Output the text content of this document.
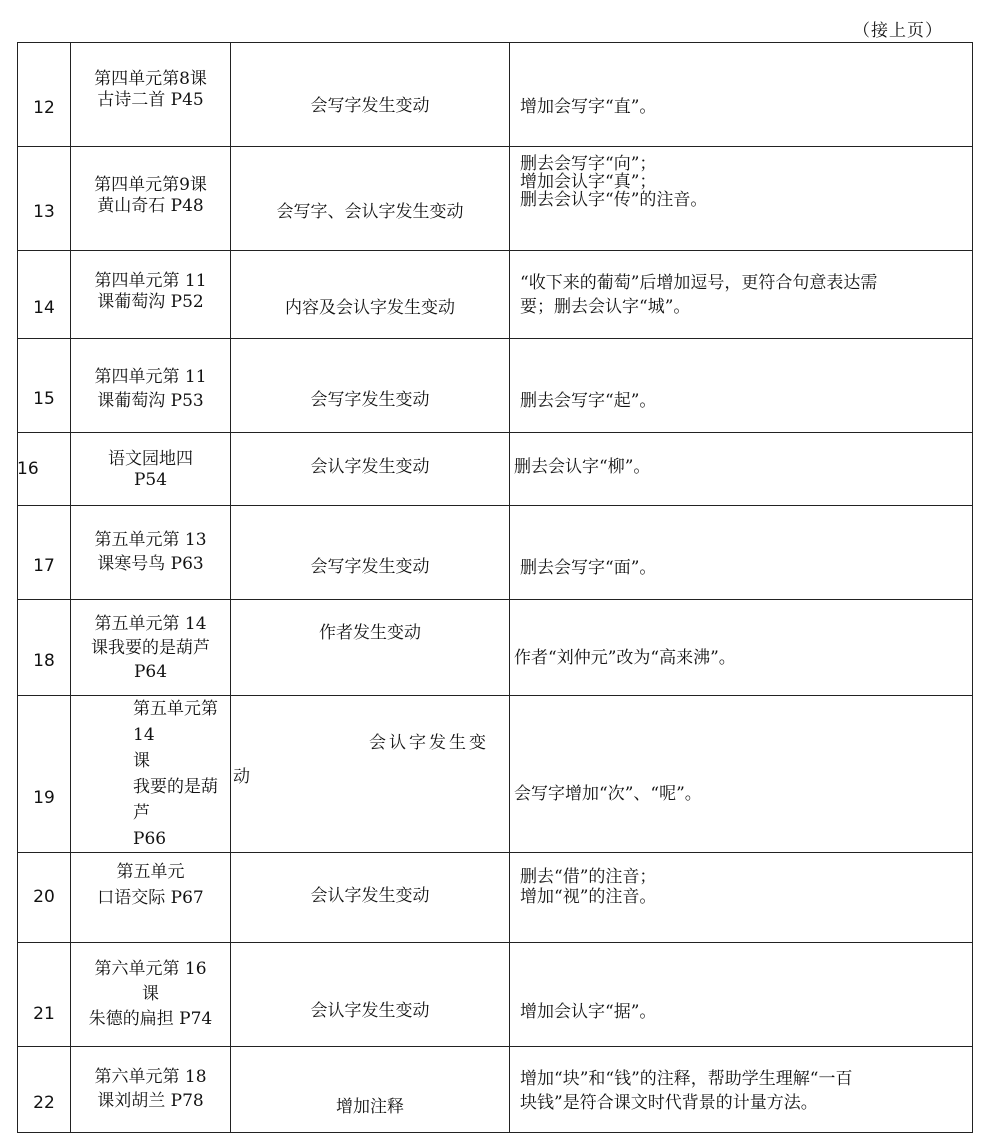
（接上页）
12	第四单元第8课
古诗二首 P45	会写字发生变动	增加会写字“直”。
13	第四单元第9课
黄山奇石 P48	会写字、会认字发生变动	删去会写字“向”；
增加会认字“真”；
删去会认字“传”的注音。
14	第四单元第 11
课葡萄沟 P52	内容及会认字发生变动	“收下来的葡萄”后增加逗号，更符合句意表达需
要；删去会认字“城”。
15	第四单元第 11
课葡萄沟 P53	会写字发生变动	删去会写字“起”。
16	语文园地四
P54	会认字发生变动	删去会认字“柳”。
17	第五单元第 13
课寒号鸟 P63	会写字发生变动	删去会写字“面”。
18	第五单元第 14
课我要的是葫芦
P64	作者发生变动	作者“刘仲元”改为“高来沸”。
19	第五单元第 14
课
我要的是葫芦
P66	会认字发生变 动	会写字增加“次”、“呢”。
20	第五单元
口语交际 P67	会认字发生变动	删去“借”的注音；
增加“视”的注音。
21	第六单元第 16
课
朱德的扁担 P74	会认字发生变动	增加会认字“据”。
22	第六单元第 18
课刘胡兰 P78	增加注释	增加“块”和“钱”的注释，帮助学生理解“一百
块钱”是符合课文时代背景的计量方法。
